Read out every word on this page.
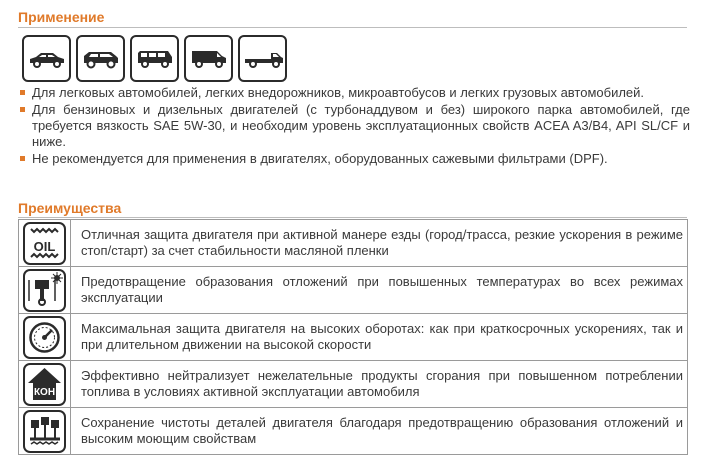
Применение
Для легковых автомобилей, легких внедорожников, микроавтобусов и легких грузовых автомобилей.
Для бензиновых и дизельных двигателей (с турбонаддувом и без) широкого парка автомобилей, где требуется вязкость SAE 5W-30, и необходим уровень эксплуатационных свойств ACEA A3/B4, API SL/CF и ниже.
Не рекомендуется для применения в двигателях, оборудованных сажевыми фильтрами (DPF).
Преимущества
OIL	Отличная защита двигателя при активной манере езды (город/трасса, резкие ускорения в режиме стоп/старт) за счет стабильности масляной пленки

	Предотвращение образования отложений при повышенных температурах во всех режимах эксплуатации

	Максимальная защита двигателя на высоких оборотах: как при краткосрочных ускорениях, так и при длительном движении на высокой скорости

КОН	Эффективно нейтрализует нежелательные продукты сгорания при повышенном потреблении топлива в условиях активной эксплуатации автомобиля

	Сохранение чистоты деталей двигателя благодаря предотвращению образования отложений и высоким моющим свойствам
